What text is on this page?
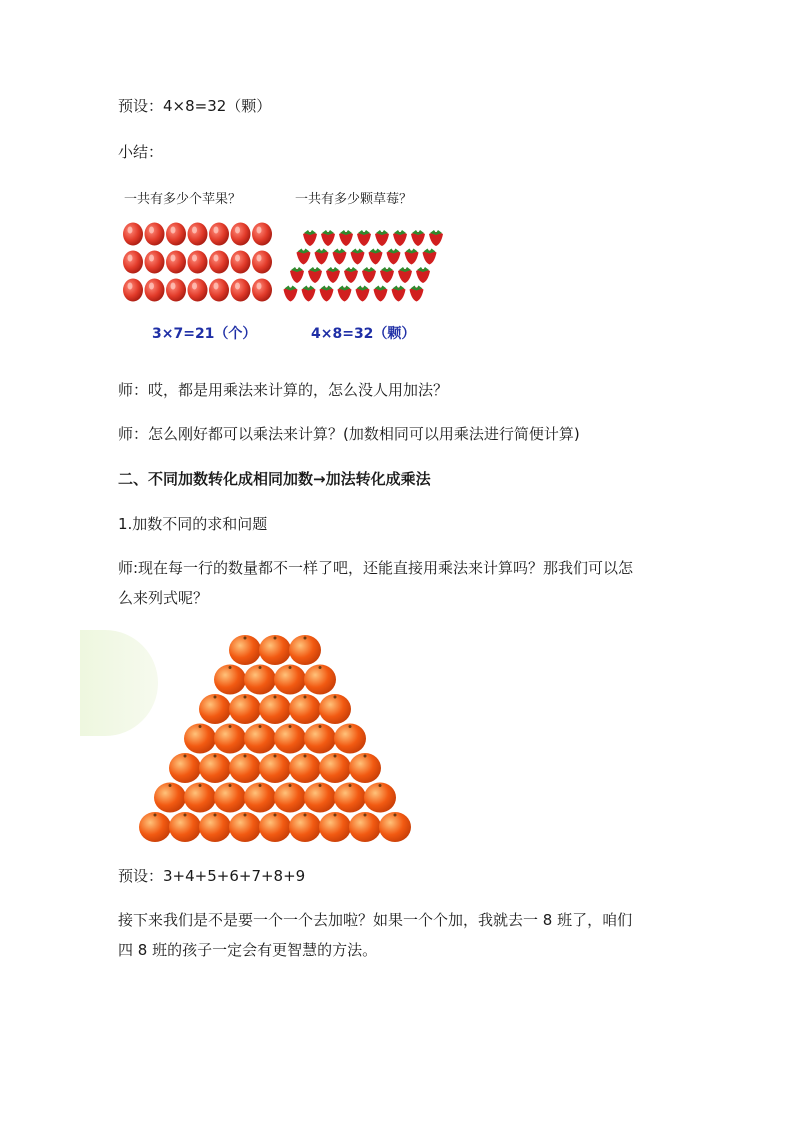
预设：4×8=32（颗）
小结：
一共有多少个苹果？	一共有多少颗草莓？
3×7=21（个）	4×8=32（颗）
师：哎，都是用乘法来计算的，怎么没人用加法？
师：怎么刚好都可以乘法来计算？(加数相同可以用乘法进行简便计算)
二、不同加数转化成相同加数→加法转化成乘法
1.加数不同的求和问题
师:现在每一行的数量都不一样了吧，还能直接用乘法来计算吗？那我们可以怎
么来列式呢？
预设：3+4+5+6+7+8+9
接下来我们是不是要一个一个去加啦？如果一个个加，我就去一 8 班了，咱们
四 8 班的孩子一定会有更智慧的方法。
